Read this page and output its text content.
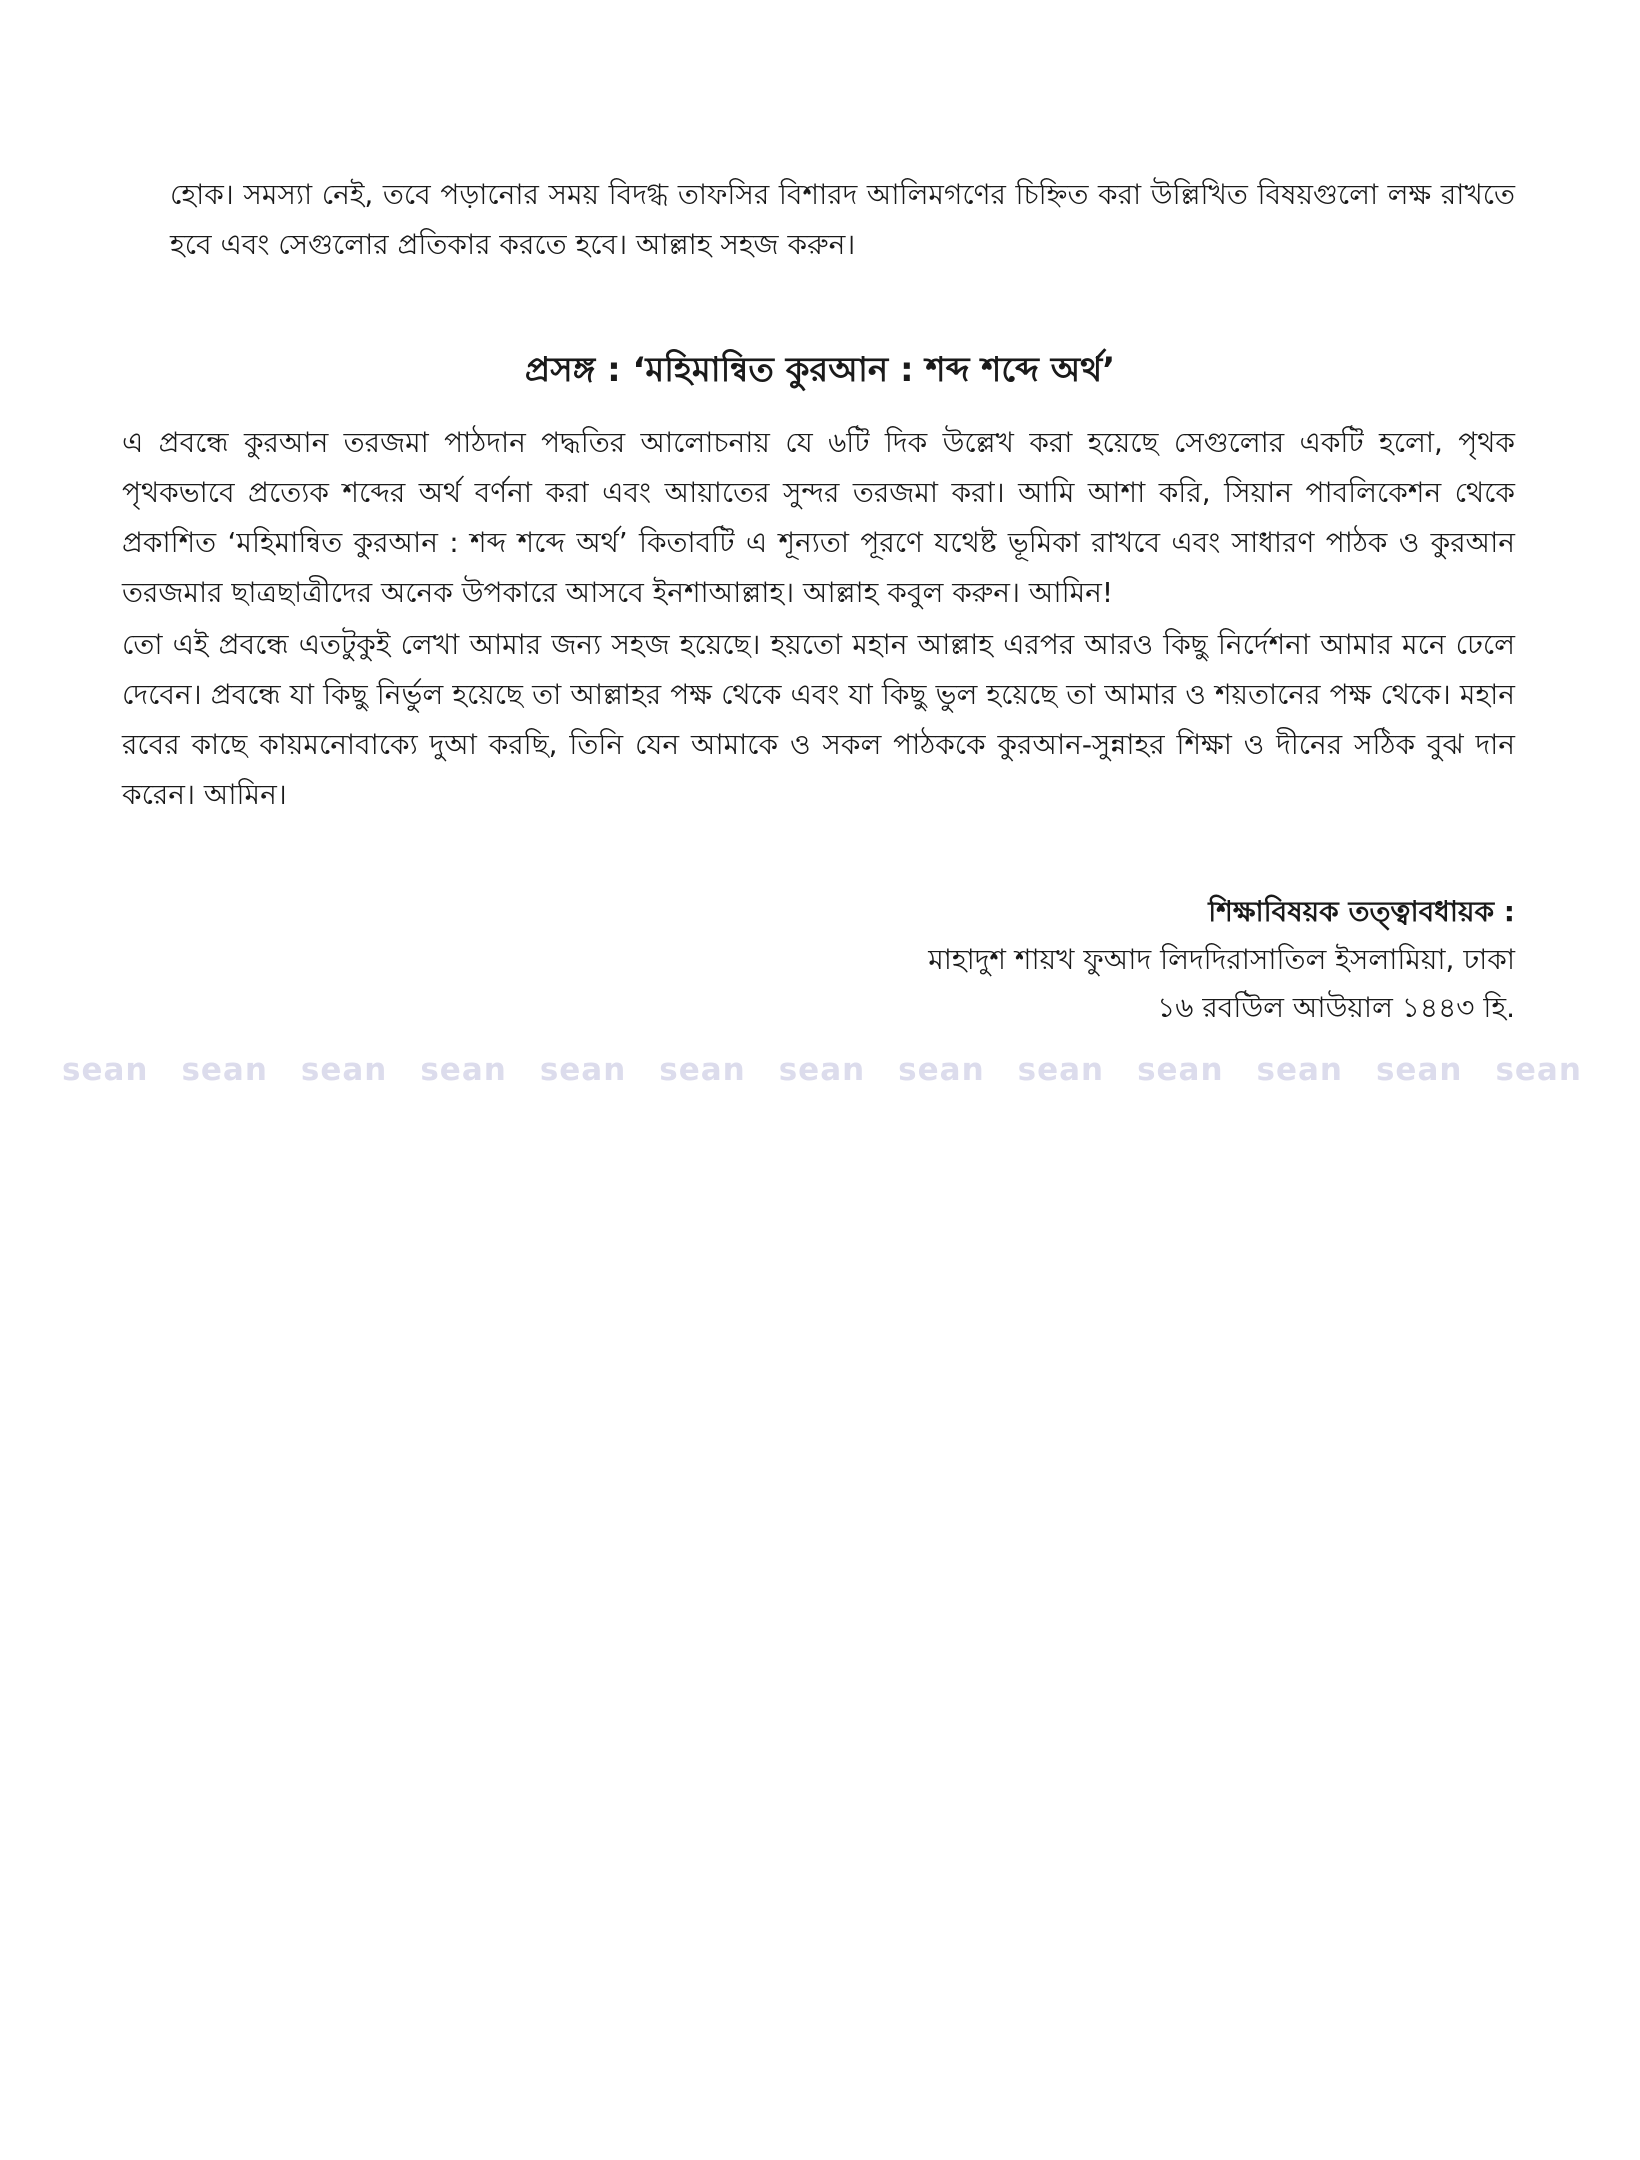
হোক। সমস্যা নেই, তবে পড়ানোর সময় বিদগ্ধ তাফসির বিশারদ আলিমগণের চিহ্নিত করা উল্লিখিত বিষয়গুলো লক্ষ রাখতে হবে এবং সেগুলোর প্রতিকার করতে হবে। আল্লাহ সহজ করুন।

প্রসঙ্গ : ‘মহিমান্বিত কুরআন : শব্দ শব্দে অর্থ’

এ প্রবন্ধে কুরআন তরজমা পাঠদান পদ্ধতির আলোচনায় যে ৬টি দিক উল্লেখ করা হয়েছে সেগুলোর একটি হলো, পৃথক পৃথকভাবে প্রত্যেক শব্দের অর্থ বর্ণনা করা এবং আয়াতের সুন্দর তরজমা করা। আমি আশা করি, সিয়ান পাবলিকেশন থেকে প্রকাশিত ‘মহিমান্বিত কুরআন : শব্দ শব্দে অর্থ’ কিতাবটি এ শূন্যতা পূরণে যথেষ্ট ভূমিকা রাখবে এবং সাধারণ পাঠক ও কুরআন তরজমার ছাত্রছাত্রীদের অনেক উপকারে আসবে ইনশাআল্লাহ। আল্লাহ কবুল করুন। আমিন!

তো এই প্রবন্ধে এতটুকুই লেখা আমার জন্য সহজ হয়েছে। হয়তো মহান আল্লাহ এরপর আরও কিছু নির্দেশনা আমার মনে ঢেলে দেবেন। প্রবন্ধে যা কিছু নির্ভুল হয়েছে তা আল্লাহর পক্ষ থেকে এবং যা কিছু ভুল হয়েছে তা আমার ও শয়তানের পক্ষ থেকে। মহান রবের কাছে কায়মনোবাক্যে দুআ করছি, তিনি যেন আমাকে ও সকল পাঠককে কুরআন-সুন্নাহর শিক্ষা ও দীনের সঠিক বুঝ দান করেন। আমিন।

শিক্ষাবিষয়ক তত্ত্বাবধায়ক :
মাহাদুশ শায়খ ফুআদ লিদদিরাসাতিল ইসলামিয়া, ঢাকা
১৬ রবউিল আউয়াল ১৪৪৩ হি.
sean sean sean sean sean sean sean sean sean sean sean sean sean
